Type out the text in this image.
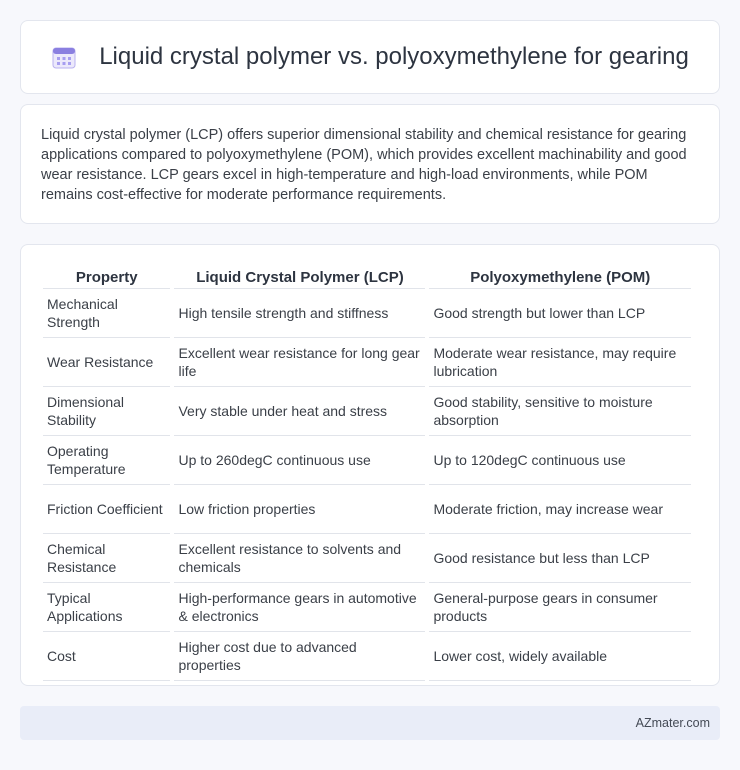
Liquid crystal polymer vs. polyoxymethylene for gearing

Liquid crystal polymer (LCP) offers superior dimensional stability and chemical resistance for gearing applications compared to polyoxymethylene (POM), which provides excellent machinability and good wear resistance. LCP gears excel in high-temperature and high-load environments, while POM remains cost-effective for moderate performance requirements.

Property	Liquid Crystal Polymer (LCP)	Polyoxymethylene (POM)
Mechanical Strength	High tensile strength and stiffness	Good strength but lower than LCP
Wear Resistance	Excellent wear resistance for long gear life	Moderate wear resistance, may require lubrication
Dimensional Stability	Very stable under heat and stress	Good stability, sensitive to moisture absorption
Operating Temperature	Up to 260degC continuous use	Up to 120degC continuous use
Friction Coefficient	Low friction properties	Moderate friction, may increase wear
Chemical Resistance	Excellent resistance to solvents and chemicals	Good resistance but less than LCP
Typical Applications	High-performance gears in automotive & electronics	General-purpose gears in consumer products
Cost	Higher cost due to advanced properties	Lower cost, widely available
AZmater.com
